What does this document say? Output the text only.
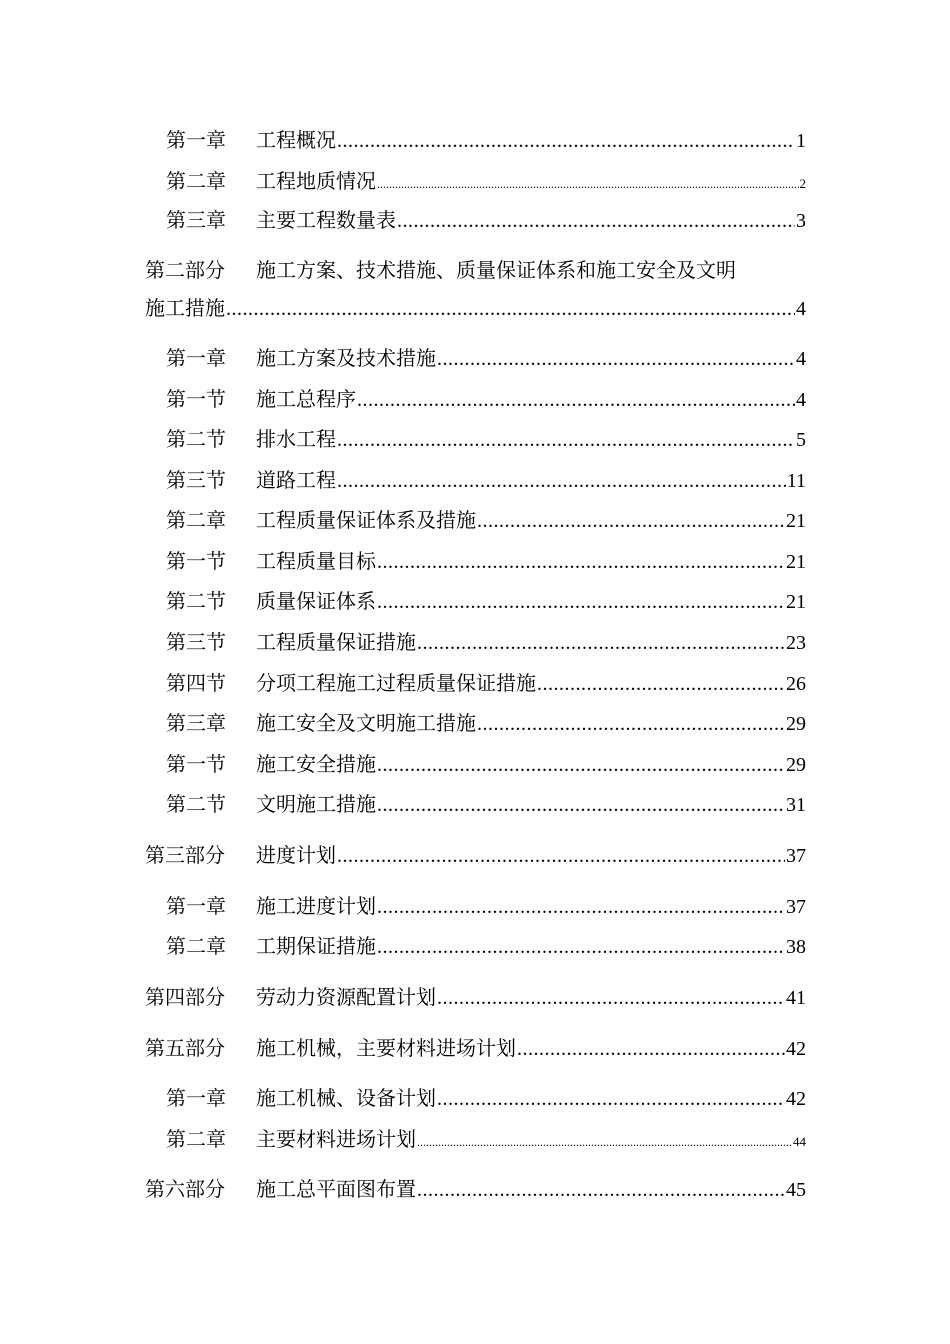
第一章	工程概况 .....	1
第二章	工程地质情况 .....	2
第三章	主要工程数量表 .....	3
第二部分 施工方案、技术措施、质量保证体系和施工安全及文明
施工措施 .....	4
第一章	施工方案及技术措施 .....	4
第一节	施工总程序 .....	4
第二节	排水工程 .....	5
第三节	道路工程 .....	11
第二章	工程质量保证体系及措施 .....	21
第一节	工程质量目标 .....	21
第二节	质量保证体系 .....	21
第三节	工程质量保证措施 .....	23
第四节	分项工程施工过程质量保证措施 .....	26
第三章	施工安全及文明施工措施 .....	29
第一节	施工安全措施 .....	29
第二节	文明施工措施 .....	31
第三部分	进度计划 .....	37
第一章	施工进度计划 .....	37
第二章	工期保证措施 .....	38
第四部分	劳动力资源配置计划 .....	41
第五部分	施工机械，主要材料进场计划 .....	42
第一章	施工机械、设备计划 .....	42
第二章	主要材料进场计划 .....	44
第六部分	施工总平面图布置 .....	45
